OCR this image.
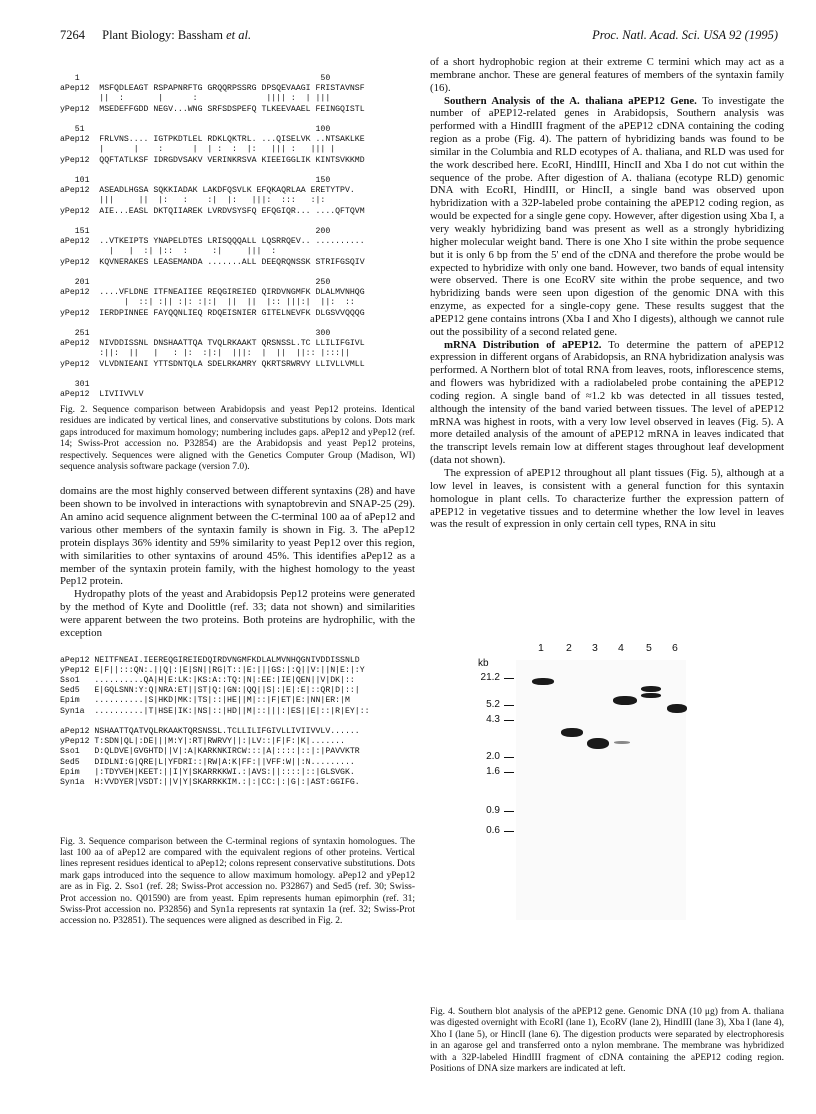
7264 Plant Biology: Bassham et al.	Proc. Natl. Acad. Sci. USA 92 (1995)
1                                                 50
aPep12  MSFQDLEAGT RSPAPNRFTG GRQQRPSSRG DPSQEVAAGI FRISTAVNSF
||  :       |      :              |||| :  | |||
yPep12  MSEDEFFGDD NEGV...WNG SRFSDSPEFQ TLKEEVAAEL FEINGQISTL

51                                               100
aPep12  FRLVNS.... IGTPKDTLEL RDKLQKTRL. ...QISELVK ..NTSAKLKE
|      |    :      |  | :  :  |:   ||| :   ||| |
yPep12  QQFTATLKSF IDRGDVSAKV VERINKRSVA KIEEIGGLIK KINTSVKKMD

101                                              150
aPep12  ASEADLHGSA SQKKIADAK LAKDFQSVLK EFQKAQRLAA ERETYTPV.
|||     ||  |:   :    :|  |:   |||:  :::   :|:
yPep12  AIE...EASL DKTQIIAREK LVRDVSYSFQ EFQGIQR... ....QFTQVM

151                                              200
aPep12  ..VTKEIPTS YNAPELDTES LRISQQQALL LQSRRQEV.. ..........
|   |  :| |::  :     :|     |||  :
yPep12  KQVNERAKES LEASEMANDA .......ALL DEEQRQNSSK STRIFGSQIV

201                                              250
aPep12  ....VFLDNE ITFNEAIIEE REQGIREIED QIRDVNGMFK DLALMVNHQG
|  ::| :|| :|: :|:|  ||  ||  |:: |||:|  ||:  ::
yPep12  IERDPINNEE FAYQQNLIEQ RDQEISNIER GITELNEVFK DLGSVVQQQG

251                                              300
aPep12  NIVDDISSNL DNSHAATTQA TVQLRKAAKT QRSNSSL.TC LLILIFGIVL
:||:  ||   |   : |:  :|:|  |||:  |  ||  ||:: |:::||
yPep12  VLVDNIEANI YTTSDNTQLA SDELRKAMRY QKRTSRWRVY LLIVLLVMLL

301
aPep12  LIVIIVVLV

Fig. 2. Sequence comparison between Arabidopsis and yeast Pep12 proteins. Identical residues are indicated by vertical lines, and conservative substitutions by colons. Dots mark gaps introduced for maximum homology; numbering includes gaps. aPep12 and yPep12 (ref. 14; Swiss-Prot accession no. P32854) are the Arabidopsis and yeast Pep12 proteins, respectively. Sequences were aligned with the Genetics Computer Group (Madison, WI) sequence analysis software package (version 7.0).

domains are the most highly conserved between different syntaxins (28) and have been shown to be involved in interactions with synaptobrevin and SNAP-25 (29). An amino acid sequence alignment between the C-terminal 100 aa of aPep12 and various other members of the syntaxin family is shown in Fig. 3. The aPep12 protein displays 36% identity and 59% similarity to yeast Pep12 over this region, with similarities to other syntaxins of around 45%. This identifies aPep12 as a member of the syntaxin protein family, with the highest homology to the yeast Pep12 protein.

Hydropathy plots of the yeast and Arabidopsis Pep12 proteins were generated by the method of Kyte and Doolittle (ref. 33; data not shown) and similarities were apparent between the two proteins. Both proteins are hydrophilic, with the exception

aPep12 NEITFNEAI.IEEREQGIREIEDQIRDVNGMFKDLALMVNHQGNIVDDISSNLD
yPep12 E|F||:::QN:.||Q|:|E|SN||RG|T::|E:|||GS:|:Q||V:||N|E:|:Y
Sso1   ..........QA|H|E:LK:|KS:A::TQ:|N|:EE:|IE|QEN||V|DK|::
Sed5   E|GQLSNN:Y:Q|NRA:ET||ST|Q:|GN:|QQ||S|:|E|:E|::QR|D|::|
Epim   ..........|S|HKD|MK:|TS|::|HE||M|::|F|ET|E:|NN|ER:|M
Syn1a  ..........|T|HSE|IK:|NS|::|HD||M|::|||:|ES||E|::|R|EY|::

aPep12 NSHAATTQATVQLRKAAKTQRSNSSL.TCLLILIFGIVLLIVIIVVLV......
yPep12 T:SDN|QL|:DE|||M:Y|:RT|RWRVY||:|LV::|F|F:|K|.......
Sso1   D:QLDVE|GVGHTD||V|:A|KARKNKIRCW:::|A|::::|::|:|PAVVKTR
Sed5   DIDLNI:G|QRE|L|YFDRI::|RW|A:K|FF:||VFF:W||:N.........
Epim   |:TDYVEH|KEET:||I|Y|SKARRKKWI.:|AVS:||::::|::|GLSVGK.
Syn1a  H:VVDYER|VSDT:||V|Y|SKARRKKIM.:|:|CC:|:|G|:|AST:GGIFG.

Fig. 3. Sequence comparison between the C-terminal regions of syntaxin homologues. The last 100 aa of aPep12 are compared with the equivalent regions of other proteins. Vertical lines represent residues identical to aPep12; colons represent conservative substitutions. Dots mark gaps introduced into the sequence to allow maximum homology. aPep12 and yPep12 are as in Fig. 2. Sso1 (ref. 28; Swiss-Prot accession no. P32867) and Sed5 (ref. 30; Swiss-Prot accession no. Q01590) are from yeast. Epim represents human epimorphin (ref. 31; Swiss-Prot accession no. P32856) and Syn1a represents rat syntaxin 1a (ref. 32; Swiss-Prot accession no. P32851). The sequences were aligned as described in Fig. 2.

of a short hydrophobic region at their extreme C termini which may act as a membrane anchor. These are general features of members of the syntaxin family (16).

Southern Analysis of the A. thaliana aPEP12 Gene. To investigate the number of aPEP12-related genes in Arabidopsis, Southern analysis was performed with a HindIII fragment of the aPEP12 cDNA containing the coding region as a probe (Fig. 4). The pattern of hybridizing bands was found to be similar in the Columbia and RLD ecotypes of A. thaliana, and RLD was used for the work described here. EcoRI, HindIII, HincII and Xba I do not cut within the sequence of the probe. After digestion of A. thaliana (ecotype RLD) genomic DNA with EcoRI, HindIII, or HincII, a single band was observed upon hybridization with a 32P-labeled probe containing the aPEP12 coding region, as would be expected for a single gene copy. However, after digestion using Xba I, a very weakly hybridizing band was present as well as a strongly hybridizing higher molecular weight band. There is one Xho I site within the probe sequence but it is only 6 bp from the 5' end of the cDNA and therefore the probe would be expected to hybridize with only one band. However, two bands of equal intensity were observed. There is one EcoRV site within the probe sequence, and two hybridizing bands were seen upon digestion of the genomic DNA with this enzyme, as expected for a single-copy gene. These results suggest that the aPEP12 gene contains introns (Xba I and Xho I digests), although we cannot rule out the possibility of a second related gene.

mRNA Distribution of aPEP12. To determine the pattern of aPEP12 expression in different organs of Arabidopsis, an RNA hybridization analysis was performed. A Northern blot of total RNA from leaves, roots, inflorescence stems, and flowers was hybridized with a radiolabeled probe containing the aPEP12 coding region. A single band of ≈1.2 kb was detected in all tissues tested, although the intensity of the band varied between tissues. The level of aPEP12 mRNA was highest in roots, with a very low level observed in leaves (Fig. 5). A more detailed analysis of the amount of aPEP12 mRNA in leaves indicated that the transcript levels remain low at different stages throughout leaf development (data not shown).

The expression of aPEP12 throughout all plant tissues (Fig. 5), although at a low level in leaves, is consistent with a general function for this syntaxin homologue in plant cells. To characterize further the expression pattern of aPEP12 in vegetative tissues and to determine whether the low level in leaves was the result of expression in only certain cell types, RNA in situ

kb
21.2
5.2
4.3
2.0
1.6
0.9
0.6
1 2 3 4 5 6

Fig. 4. Southern blot analysis of the aPEP12 gene. Genomic DNA (10 μg) from A. thaliana was digested overnight with EcoRI (lane 1), EcoRV (lane 2), HindIII (lane 3), Xba I (lane 4), Xho I (lane 5), or HincII (lane 6). The digestion products were separated by electrophoresis in an agarose gel and transferred onto a nylon membrane. The membrane was hybridized with a 32P-labeled HindIII fragment of cDNA containing the aPEP12 coding region. Positions of DNA size markers are indicated at left.
